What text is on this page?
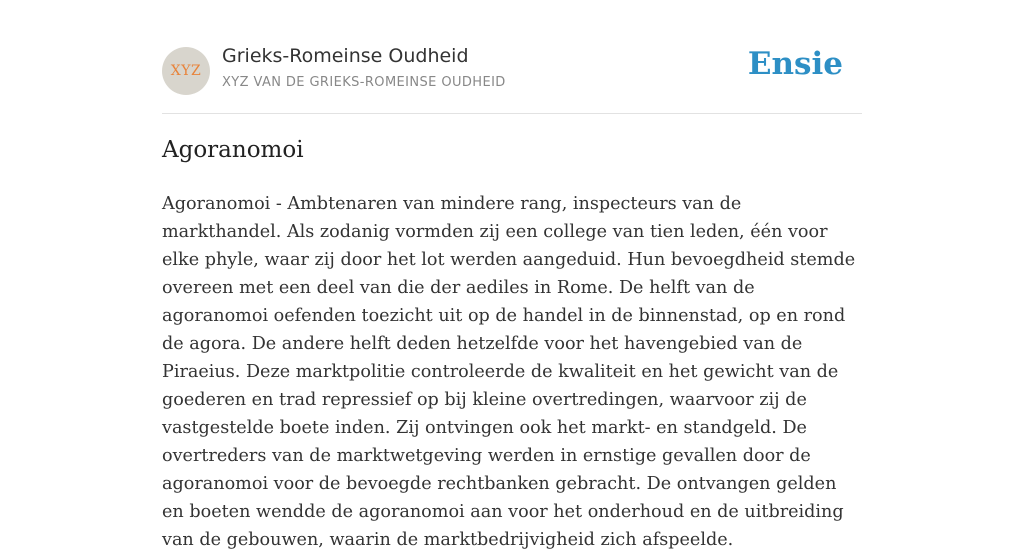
XYZ
Grieks-Romeinse Oudheid
XYZ VAN DE GRIEKS-ROMEINSE OUDHEID
Ensie
Agoranomoi

Agoranomoi - Ambtenaren van mindere rang, inspecteurs van de markthandel. Als zodanig vormden zij een college van tien leden, één voor elke phyle, waar zij door het lot werden aangeduid. Hun bevoegdheid stemde overeen met een deel van die der aediles in Rome. De helft van de agoranomoi oefenden toezicht uit op de handel in de binnenstad, op en rond de agora. De andere helft deden hetzelfde voor het havengebied van de Piraeius. Deze marktpolitie controleerde de kwaliteit en het gewicht van de goederen en trad repressief op bij kleine overtredingen, waarvoor zij de vastgestelde boete inden. Zij ontvingen ook het markt- en standgeld. De overtreders van de marktwetgeving werden in ernstige gevallen door de agoranomoi voor de bevoegde rechtbanken gebracht. De ontvangen gelden en boeten wendde de agoranomoi aan voor het onderhoud en de uitbreiding van de gebouwen, waarin de marktbedrijvigheid zich afspeelde.
